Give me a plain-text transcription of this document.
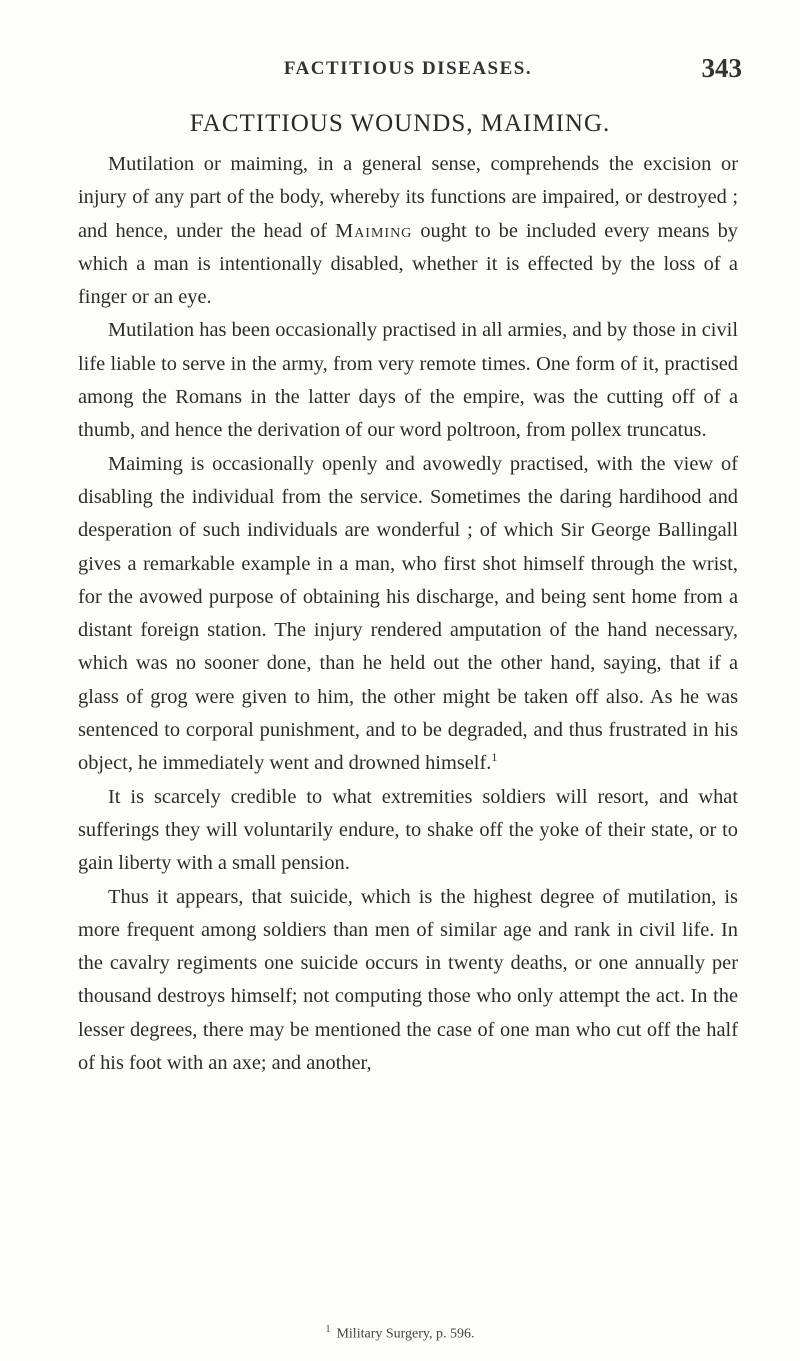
FACTITIOUS DISEASES.	343
FACTITIOUS WOUNDS, MAIMING.

Mutilation or maiming, in a general sense, comprehends the excision or injury of any part of the body, whereby its functions are impaired, or destroyed ; and hence, under the head of Maiming ought to be included every means by which a man is intentionally disabled, whether it is effected by the loss of a finger or an eye.

Mutilation has been occasionally practised in all armies, and by those in civil life liable to serve in the army, from very remote times. One form of it, practised among the Romans in the latter days of the empire, was the cutting off of a thumb, and hence the derivation of our word poltroon, from pollex truncatus.

Maiming is occasionally openly and avowedly practised, with the view of disabling the individual from the service. Sometimes the daring hardihood and desperation of such individuals are wonderful ; of which Sir George Ballingall gives a remarkable example in a man, who first shot himself through the wrist, for the avowed purpose of obtaining his discharge, and being sent home from a distant foreign station. The injury rendered amputation of the hand necessary, which was no sooner done, than he held out the other hand, saying, that if a glass of grog were given to him, the other might be taken off also. As he was sentenced to corporal punishment, and to be degraded, and thus frustrated in his object, he immediately went and drowned himself.$^1$

It is scarcely credible to what extremities soldiers will resort, and what sufferings they will voluntarily endure, to shake off the yoke of their state, or to gain liberty with a small pension.

Thus it appears, that suicide, which is the highest degree of mutilation, is more frequent among soldiers than men of similar age and rank in civil life. In the cavalry regiments one suicide occurs in twenty deaths, or one annually per thousand destroys himself; not computing those who only attempt the act. In the lesser degrees, there may be mentioned the case of one man who cut off the half of his foot with an axe; and another,

$^1$ Military Surgery, p. 596.
